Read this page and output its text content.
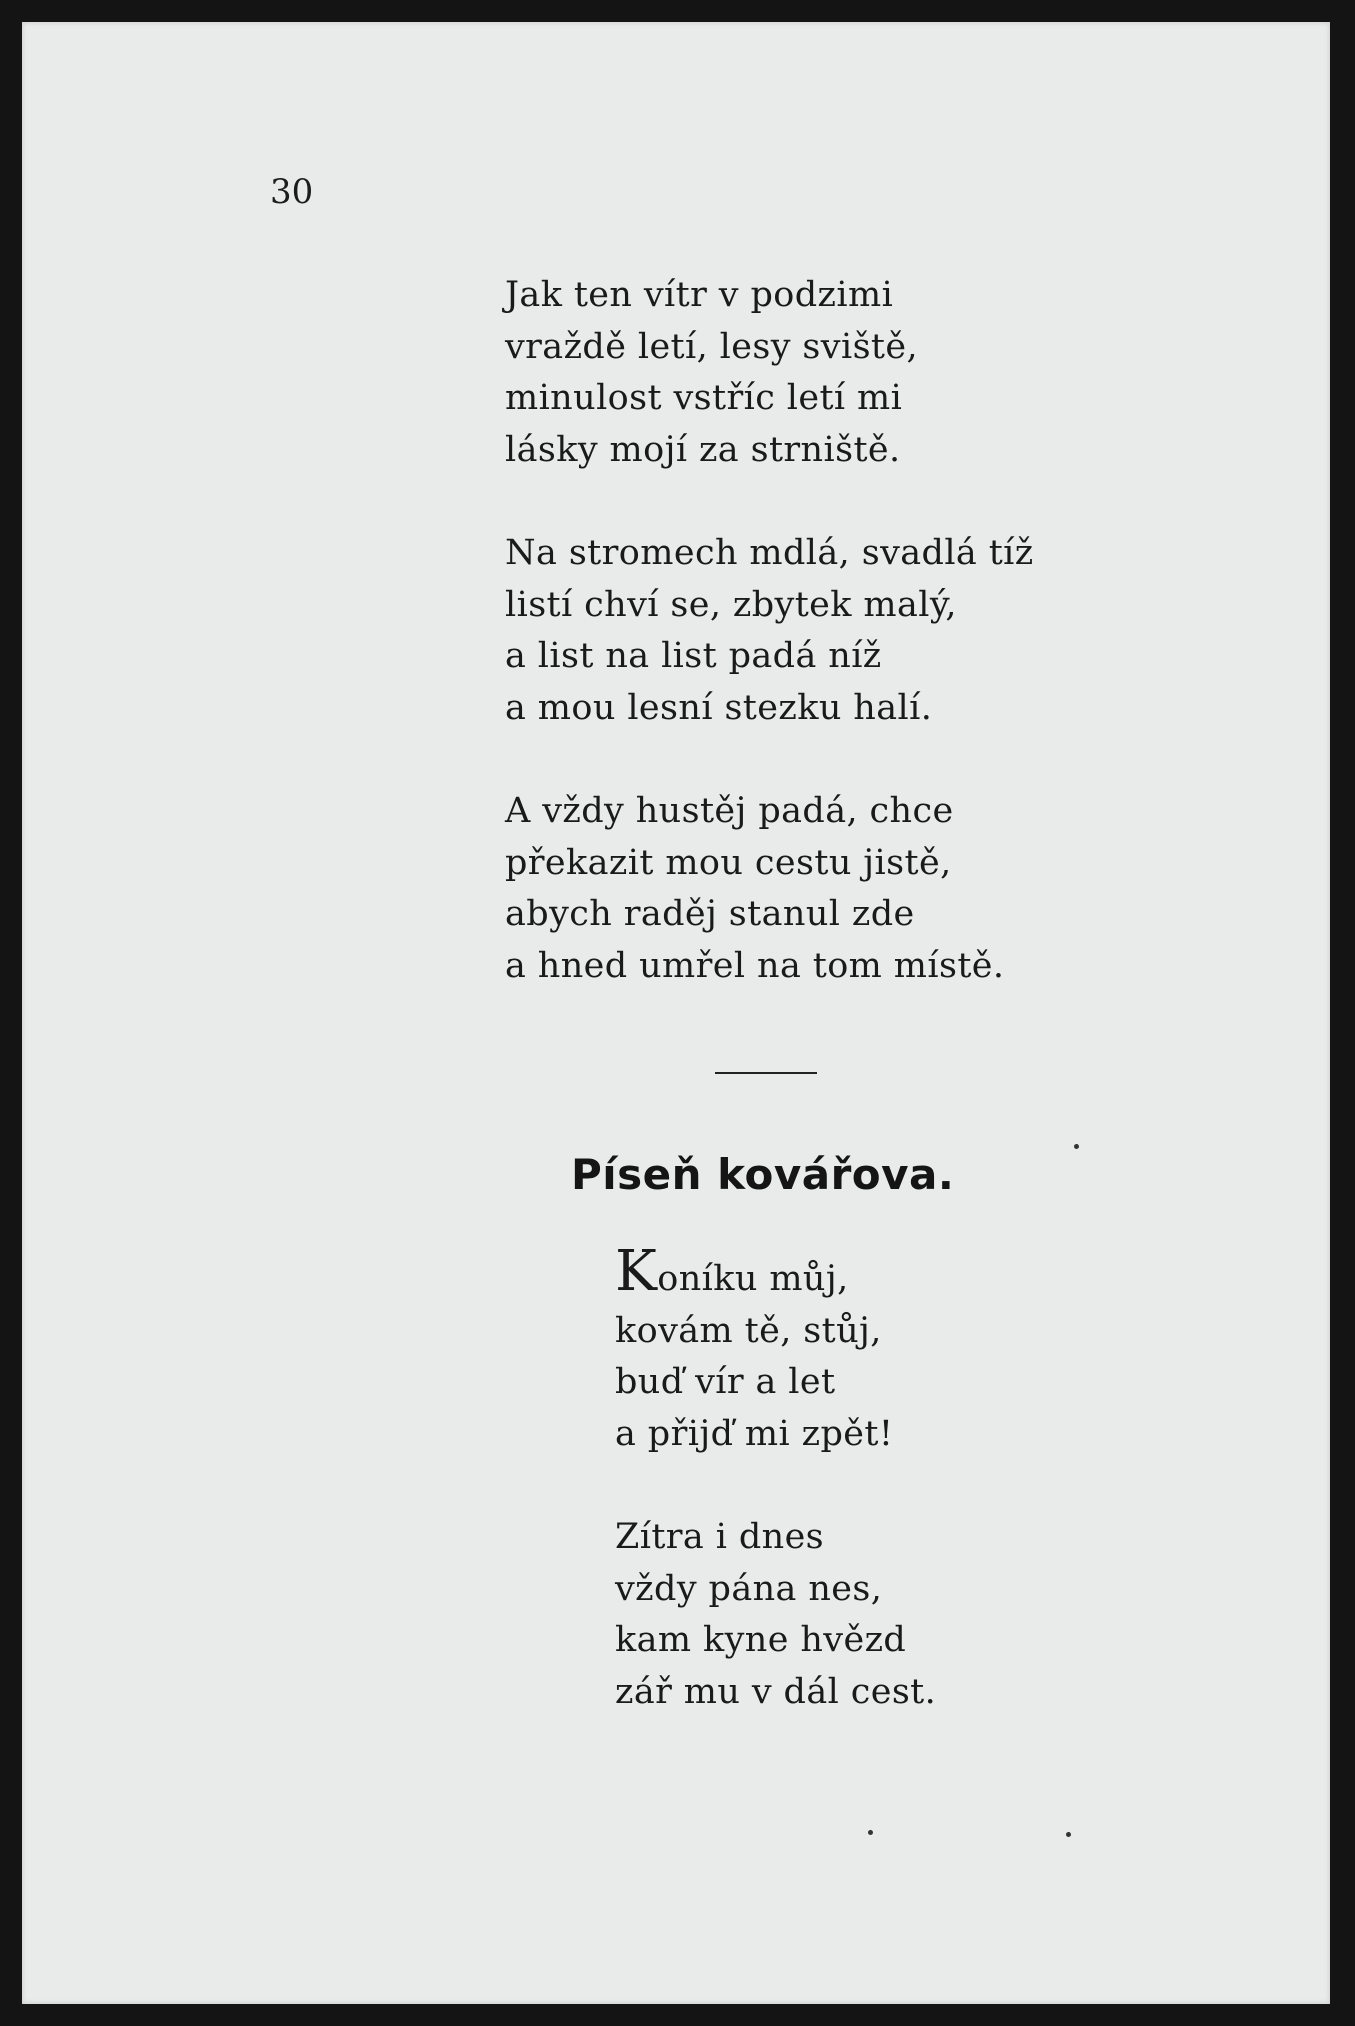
30

Jak ten vítr v podzimi
vraždě letí, lesy sviště,
minulost vstříc letí mi
lásky mojí za strniště.
Na stromech mdlá, svadlá tíž
listí chví se, zbytek malý,
a list na list padá níž
a mou lesní stezku halí.
A vždy hustěj padá, chce
překazit mou cestu jistě,
abych raděj stanul zde
a hned umřel na tom místě.
Píseň kovářova.
Koníku můj,
kovám tě, stůj,
buď vír a let
a přijď mi zpět!
Zítra i dnes
vždy pána nes,
kam kyne hvězd
zář mu v dál cest.
